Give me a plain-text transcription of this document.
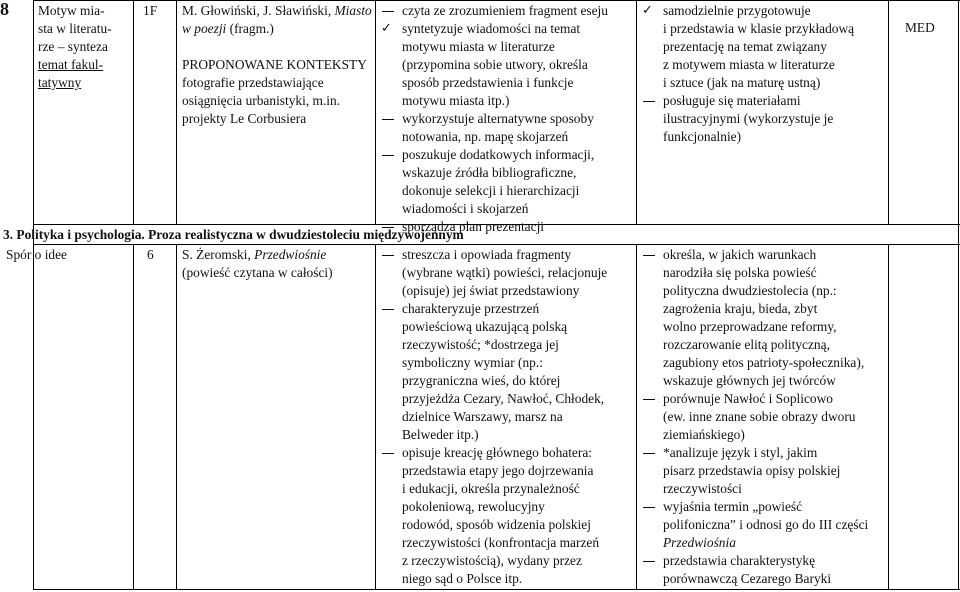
8 Motyw mia-
sta w literatu-
rze – synteza
temat fakul-
tatywny
1F M. Głowiński, J. Sławiński, Miasto
w poezji (fragm.)
PROPONOWANE KONTEKSTY
fotografie przedstawiające
osiągnięcia urbanistyki, m.in.
projekty Le Corbusiera
czyta ze zrozumieniem fragment eseju
✓ syntetyzuje wiadomości na temat
motywu miasta w literaturze
(przypomina sobie utwory, określa
sposób przedstawienia i funkcje
motywu miasta itp.)
wykorzystuje alternatywne sposoby
notowania, np. mapę skojarzeń
poszukuje dodatkowych informacji,
wskazuje źródła bibliograficzne,
dokonuje selekcji i hierarchizacji
wiadomości i skojarzeń
sporządza plan prezentacji
✓ samodzielnie przygotowuje
i przedstawia w klasie przykładową
prezentację na temat związany
z motywem miasta w literaturze
i sztuce (jak na maturę ustną)
posługuje się materiałami
ilustracyjnymi (wykorzystuje je
funkcjonalnie)
MED
3. Polityka i psychologia. Proza realistyczna w dwudziestoleciu międzywojennym
Spór o idee	6 S. Żeromski, Przedwiośnie
(powieść czytana w całości)
streszcza i opowiada fragmenty
(wybrane wątki) powieści, relacjonuje
(opisuje) jej świat przedstawiony
charakteryzuje przestrzeń
powieściową ukazującą polską
rzeczywistość; *dostrzega jej
symboliczny wymiar (np.:
przygraniczna wieś, do której
przyjeżdża Cezary, Nawłoć, Chłodek,
dzielnice Warszawy, marsz na
Belweder itp.)
opisuje kreację głównego bohatera:
przedstawia etapy jego dojrzewania
i edukacji, określa przynależność
pokoleniową, rewolucyjny
rodowód, sposób widzenia polskiej
rzeczywistości (konfrontacja marzeń
z rzeczywistością), wydany przez
niego sąd o Polsce itp.
określa, w jakich warunkach
narodziła się polska powieść
polityczna dwudziestolecia (np.:
zagrożenia kraju, bieda, zbyt
wolno przeprowadzane reformy,
rozczarowanie elitą polityczną,
zagubiony etos patrioty-społecznika),
wskazuje głównych jej twórców
porównuje Nawłoć i Soplicowo
(ew. inne znane sobie obrazy dworu
ziemiańskiego)
*analizuje język i styl, jakim
pisarz przedstawia opisy polskiej
rzeczywistości
wyjaśnia termin „powieść
polifoniczna” i odnosi go do III części
Przedwiośnia
przedstawia charakterystykę
porównawczą Cezarego Baryki
